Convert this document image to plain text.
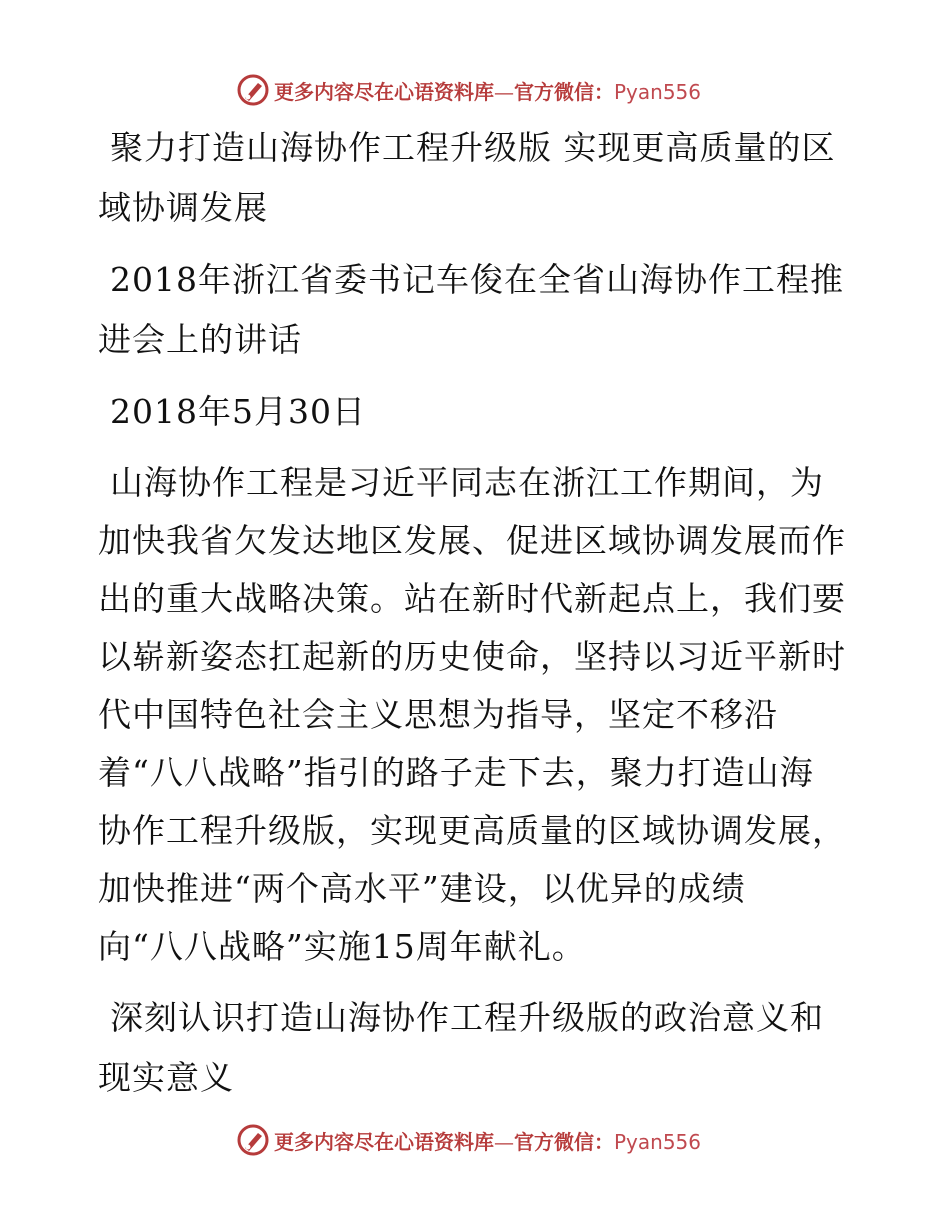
更多内容尽在心语资料库—官方微信：Pyan556

聚力打造山海协作工程升级版 实现更高质量的区
域协调发展

2018年浙江省委书记车俊在全省山海协作工程推
进会上的讲话

2018年5月30日

山海协作工程是习近平同志在浙江工作期间，为
加快我省欠发达地区发展、促进区域协调发展而作
出的重大战略决策。站在新时代新起点上，我们要
以崭新姿态扛起新的历史使命，坚持以习近平新时
代中国特色社会主义思想为指导，坚定不移沿
着“八八战略”指引的路子走下去，聚力打造山海
协作工程升级版，实现更高质量的区域协调发展，
加快推进“两个高水平”建设，以优异的成绩
向“八八战略”实施15周年献礼。

深刻认识打造山海协作工程升级版的政治意义和
现实意义

更多内容尽在心语资料库—官方微信：Pyan556
